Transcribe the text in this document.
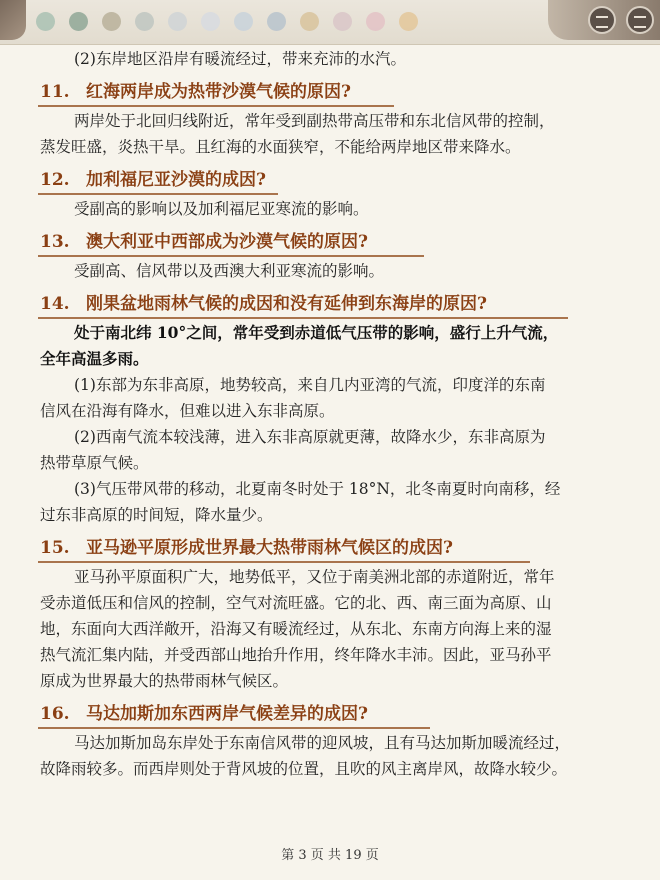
(2)东岸地区沿岸有暖流经过，带来充沛的水汽。
11. 红海两岸成为热带沙漠气候的原因?
两岸处于北回归线附近，常年受到副热带高压带和东北信风带的控制，
蒸发旺盛，炎热干旱。且红海的水面狭窄，不能给两岸地区带来降水。
12. 加利福尼亚沙漠的成因?
受副高的影响以及加利福尼亚寒流的影响。
13. 澳大利亚中西部成为沙漠气候的原因?
受副高、信风带以及西澳大利亚寒流的影响。
14. 刚果盆地雨林气候的成因和没有延伸到东海岸的原因?
处于南北纬 10°之间，常年受到赤道低气压带的影响，盛行上升气流，
全年高温多雨。
(1)东部为东非高原，地势较高，来自几内亚湾的气流，印度洋的东南
信风在沿海有降水，但难以进入东非高原。
(2)西南气流本较浅薄，进入东非高原就更薄，故降水少，东非高原为
热带草原气候。
(3)气压带风带的移动，北夏南冬时处于 18°N，北冬南夏时向南移，经
过东非高原的时间短，降水量少。
15. 亚马逊平原形成世界最大热带雨林气候区的成因?
亚马孙平原面积广大，地势低平，又位于南美洲北部的赤道附近，常年
受赤道低压和信风的控制，空气对流旺盛。它的北、西、南三面为高原、山
地，东面向大西洋敞开，沿海又有暖流经过，从东北、东南方向海上来的湿
热气流汇集内陆，并受西部山地抬升作用，终年降水丰沛。因此，亚马孙平
原成为世界最大的热带雨林气候区。
16. 马达加斯加东西两岸气候差异的成因?
马达加斯加岛东岸处于东南信风带的迎风坡，且有马达加斯加暖流经过，
故降雨较多。而西岸则处于背风坡的位置，且吹的风主离岸风，故降水较少。
第 3 页 共 19 页
